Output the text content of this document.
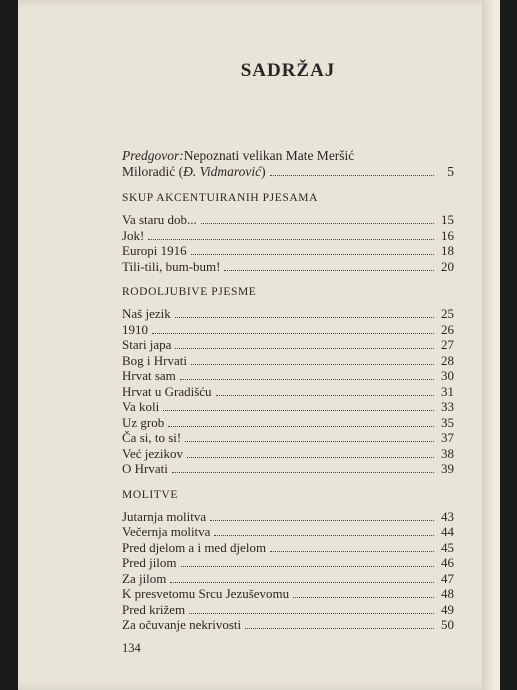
SADRŽAJ
Predgovor: Nepoznati velikan Mate Meršić
Miloradić (Đ. Vidmarović)	5
SKUP AKCENTUIRANIH PJESAMA
Va staru dob...	15
Jok!	16
Europi 1916	18
Tili-tili, bum-bum!	20
RODOLJUBIVE PJESME
Naš jezik	25
1910	26
Stari japa	27
Bog i Hrvati	28
Hrvat sam	30
Hrvat u Gradišću	31
Va koli	33
Uz grob	35
Ča si, to si!	37
Već jezikov	38
O Hrvati	39
MOLITVE
Jutarnja molitva	43
Večernja molitva	44
Pred djelom a i med djelom	45
Pred jilom	46
Za jilom	47
K presvetomu Srcu Jezuševomu	48
Pred križem	49
Za očuvanje nekrivosti	50
134
